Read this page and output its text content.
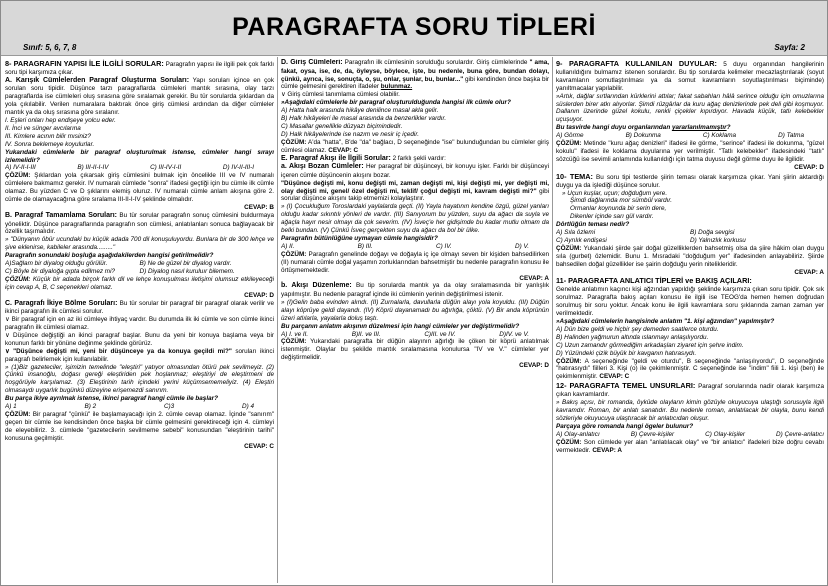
Sınıf: 5, 6, 7, 8
PARAGRAFTA SORU TİPLERİ
Sayfa: 2

8- PARAGRAFIN YAPISI İLE İLGİLİ SORULAR: Paragrafın yapısı ile ilgili pek çok farklı soru tipi karşımıza çıkar.

A. Karışık Cümlelerden Paragraf Oluşturma Soruları: Yapı soruları içince en çok sorulan soru tipidir. Düşünce tarzı paragraflarda cümleleri mantık sırasına, olay tarzı paragraflarda ise cümleleri oluş sırasına göre sıralamak gerekir. Bu tür sorularda şıklardan da yola çıkılabilir. Verilen numaralara baktırak önce giriş cümlesi ardından da diğer cümleler mantık ya da oluş sırasına göre sıralanır.

I. Eşleri onları hep endişeye yolcu eder.

II. İnci ve sünger avcılarına

III. Kimlere acının bilir mısiniz?

IV. Sonra beklemeye koyulurlar.

Yukarıdaki cümlelerle bir paragraf oluşturulmak istense, cümleler hangi sırayı izlemelidir?

A) IV-II-I-III	B) III-II-I-IV	C) III-IV-I-II	D) IV-II-III-I

ÇÖZÜM: Şıklardan yola çıkarsak giriş cümlesini bulmak için öncelikle III ve IV numaralı cümlelere bakmamız gerekir. IV numaralı cümlede "sonra" ifadesi geçtiği için bu cümle ilk cümle olamaz. Bu yüzden C ve D şıklarını elemiş oluruz. IV numaralı cümle anlam akışına göre 2. cümle de olamayacağına göre sıralama III-II-I-IV şeklinde olmalıdır.

CEVAP: B

B. Paragraf Tamamlama Soruları: Bu tür sorular paragrafın sonuç cümlesini buldurmaya yöneliktir. Düşünce paragraflarında paragrafın son cümlesi, anlatılanları sonuca bağlayacak bir özellik taşımalıdır.

» "Dünyanın öbür ucundaki bu küçük adada 700 dil konuşuluyordu. Bunlara bir de 300 lehçe ve şive eklenirse, kabileler arasında........."

Paragrafın sonundaki boşluğa aşağıdakilerden hangisi getirilmelidir?

A)Sağlam bir diyalog olduğu görülür.	B) Ne de güzel bir diyalog vardır.
C) Böyle bir diyaloğa gıpta edilmez mi?	D) Diyalog nasıl kuruluır bilemem.

ÇÖZÜM: Küçük bir adada birçok farklı dil ve lehçe konuşulması iletişimi olumsuz etkileyeceği için cevap A, B, C seçenekleri olamaz.

CEVAP: D

C. Paragrafı İkiye Bölme Soruları: Bu tür sorular bir paragraf bir paragraf olarak verilir ve ikinci paragrafın ilk cümlesi sorulur.

∨ Bir paragraf için en az iki cümleye ihtiyaç vardır. Bu durumda ilk iki cümle ve son cümle ikinci paragrafın ilk cümlesi olamaz.

∨ Düşünce değiştiği an ikinci paragraf başlar. Bunu da yeni bir konuya başlama veya bir konunun farklı bir yönüne değinme şeklinde görürüz.

∨ "Düşünce değişti mi, yeni bir düşünceye ya da konuya geçildi mi?" soruları ikinci paragrafı belirlemek için kullanılabilir.

» (1)Biz gazeteciler, işimizin temelinde "eleştiri" yatıyor olmasından ötürü pek sevilmeyiz. (2) Çünkü insanoğlu, doğası gereği eleştiriden pek hoşlanmaz; eleştiriyi de eleştirmeni de hoşgörüyle karşılamaz. (3) Eleştirinin tarih içindeki yerini küçümsememeliyiz. (4) Eleştiri olmasaydı uygarlık bugünkü düzeyine erişemezdi sanırım.

Bu parça ikiye ayrılmak istense, ikinci paragraf hangi cümle ile başlar?

A) 1	B) 2	C)3	D) 4

ÇÖZÜM: Bir paragraf "çünkü" ile başlamayacağı için 2. cümle cevap olamaz. İçinde "sanırım" geçen bir cümle ise kendisinden önce başka bir cümle gelmesini gerektireceği için 4. cümleyi de eleyebiliriz. 3. cümlede "gazetecilerin sevilmeme sebebi" konusundan "eleştirinin tarihi" konusuna geçilmiştir.

CEVAP: C

D. Giriş Cümleleri: Paragrafın ilk cümlesinin sorulduğu sorulardır. Giriş cümlelerinde " ama, fakat, oysa, ise, de, da, öyleyse, böylece, işte, bu nedenle, buna göre, bundan dolayı, çünkü, ayrıca, ise, sonuçta, o, şu, onlar, şunlar, bu, bunlar..." gibi kendinden önce başka bir cümle gelmesini gerektiren ifadeler bulunmaz.

∨ Giriş cümlesi tanımlama cümlesi olabilir.

»Aşağıdaki cümlelerle bir paragraf oluşturulduğunda hangisi ilk cümle olur?

A) Hatta halk arasında hikâye denilince masal akla gelir.

B) Halk hikâyeleri ile masal arasında da benzerlikler vardır.

C) Masallar genellikle düzyazı biçimindedir.

D) Halk hikâyelerinde ise nazım ve nesir iç içedir.

ÇÖZÜM: A'da "hatta", B'de "da" bağlacı, D seçeneğinde "ise" bulunduğundan bu cümleler giriş cümlesi olamaz. CEVAP: C

E. Paragraf Akışı ile İlgili Sorular: 2 farklı şekli vardır:

a. Akışı Bozan Cümleler: Her paragraf bir düşünceyi, bir konuyu işler. Farklı bir düşünceyi içeren cümle düşüncenin akışını bozar.

"Düşünce değişti mi, konu değişti mi, zaman değişti mi, kişi değişti mi, yer değişti mi, olay değişti mi, genel/ özel değişti mi, teklif/ çoğul değişti mi, kavram değişti mi?" gibi sorular düşünce akışını takip etmemizi kolaylaştırır.

» (I) Çocukluğum Toroslardaki yaylalarda geçti. (II) Yayla hayatının kendine özgü, güzel yanları olduğu kadar sıkıntılı yönleri de vardır. (III) Sanıyorum bu yüzden, suyu da ağacı da suyla ve ağaçla hayır nesir olmayı da çok severim. (IV) İsveç'e her gidişimde bu kadar mutlu olmam da belki bundan. (V) Çünkü İsveç gerçekten suyu da ağacı da bol bir ülke.

Paragrafın bütünlüğüne uymayan cümle hangisidir?

A) II.	B) III.	C) IV.	D) V.

ÇÖZÜM: Paragrafın genelinde doğayı ve doğayla iç içe olmayı seven bir kişiden bahsedilirken (II) numaralı cümle doğal yaşamın zorluklarından bahsetmiştir bu nedenle paragrafın konusu ile örtüşmemektedir.

CEVAP: A

b. Akışı Düzenleme: Bu tip sorularda mantık ya da olay sıralamasında bir yanlışlık yapılmıştır. Bu nedenle paragraf içinde iki cümlenin yerinin değiştirilmesi istenir.

» (I)Gelin baba evinden alındı. (II) Zurnalarla, davullarla düğün alayı yola koyuldu. (III) Düğün alayı köprüye geldi dayandı. (IV) Köprü dayanamadı bu ağırlığa, çöktü. (V) Bir anda köprünün üzeri atlılarla, yayalarla doluş taştı.

Bu parçanın anlatım akışının düzelmesi için hangi cümleler yer değiştirmelidir?

A) I. ve II.	B)II. ve III.	C)III. ve IV.	D)IV. ve V.

ÇÖZÜM: Yukarıdaki paragrafta bir düğün alayının ağırlığı ile çöken bir köprü anlatılmak istenmiştir. Olaylar bu şekilde mantık sıralamasına konulursa "IV ve V." cümleler yer değiştirmelidir.

CEVAP: D

9- PARAGRAFTA KULLANILAN DUYULAR: 5 duyu organından hangilerinin kullanıldığını bulmamız istenen sorulardır. Bu tip sorularda kelimeler mecazlaştırılarak (soyut kavramların somutlaştırılması ya da somut kavramların soyutlaştırılması biçiminde) yanıltmacalar yapılabilir.

»Artık, dağlar sırtlarından kürklerini attılar; fakat sabahları hâlâ serince olduğu için omuzlarına süslerden birer atkı alıyorlar. Şimdi rüzgârlar da kuru ağaç denizlerinde pek deli gibi koşmuyor. Dallanın üzerinde güzel kokulu, renkli çiçekler kıpırdıyor. Havada küçük, tatlı kelebekler uçuşuyor.

Bu tasvirde hangi duyu organlarından yararlanılmamıştır?

A) Görme	B) Dokunma	C) Koklama	D) Tatma

ÇÖZÜM: Metinde "kuru ağaç denizleri" ifadesi ile görme, "serince" ifadesi ile dokunma, "güzel kokulu" ifadesi ile koklama duyularına yer verilmiştir. "Tatlı kelebekler" ifadesindeki "tatlı" sözcüğü ise sevimli anlamında kullanıldığı için tatma duyusu değil görme duyu ile ilgilidir.

CEVAP: D

10- TEMA: Bu soru tipi testlerde şiirin teması olarak karşımıza çıkar. Yani şiirin aktardığı duygu ya da işlediği düşünce sorulur.

» Uçun kuşlar, uçun; doğduğum yere.

Şimdi dağlarında mor sümbül vardır.

Ormanlar koynunda bir serin dere,

Dikenler içinde sarı gül vardır.

Dörtlüğün teması nedir?

A) Sıla özlemi	B) Doğa sevgisi
C) Ayrılık endişesi	D) Yalnızlık korkusu

ÇÖZÜM: Yukarıdaki şiirde şair doğal güzelliklerden bahsetmiş olsa da şiire hâkim olan duygu sıla (gurbet) özlemidir. Bunu 1. Mısradaki "doğduğum yer" ifadesinden anlayabiliriz. Şiirde bahsedilen doğal güzellikler ise şairin doğduğu yerin nitelikleridir.

CEVAP: A

11- PARAGRAFTA ANLATICI TİPLERİ ve BAKIŞ AÇILARI:

Genelde anlatımın kaçıncı kişi ağzından yapıldığı şeklinde karşımıza çıkan soru tipidir. Çok sık sorulmaz. Paragrafta bakış açıları konusu ile ilgili ise TEOG'da hemen hemen doğrudan sorulmuş bir soru yoktur. Ancak konu ile ilgili kavramlara soru şıklarında zaman zaman yer verilmektedir.

»Aşağıdaki cümlelerin hangisinde anlatım "1. kişi ağzından" yapılmıştır?

A) Dün bize geldi ve hiçbir şey demeden saatlerce oturdu.

B) Halinden yağmurun altında ıslanmayı anlaşılıyordu.

C) Uzun zamandır görmediğim arkadaşları ziyaret için şehre indim.

D) Yüzündeki çizik büyük bir kavganın hatırasıydı.

ÇÖZÜM: A seçeneğinde "geldi ve oturdu", B seçeneğinde "anlaşılıyordu", D seçeneğinde "hatırasıydı" fiilleri 3. Kişi (o) ile çekimlenmiştir. C seçeneğinde ise "indim" fiili 1. kişi (ben) ile çekimlenmiştir. CEVAP: C

12- PARAGRAFTA TEMEL UNSURLARI: Paragraf sorularında nadir olarak karşımıza çıkan kavramlardır.

» Bakış açısı, bir romanda, öyküde olayların kimin gözüyle okuyucuya ulaştığı sorusuyla ilgili kavramdır. Roman, bir anlatı sanatıdır. Bu nedenle roman, anlatılacak bir olayla, bunu kendi sözleriyle okuyucuya ulaştıracak bir anlatıcıdan oluşur.

Parçaya göre romanda hangi ögeler bulunur?

A) Olay-anlatıcı	B) Çevre-kişiler	C) Olay-kişiler	D) Çevre-anlatıcı

ÇÖZÜM: Son cümlede yer alan "anlatılacak olay" ve "bir anlatıcı" ifadeleri bize doğru cevabı vermektedir. CEVAP: A
